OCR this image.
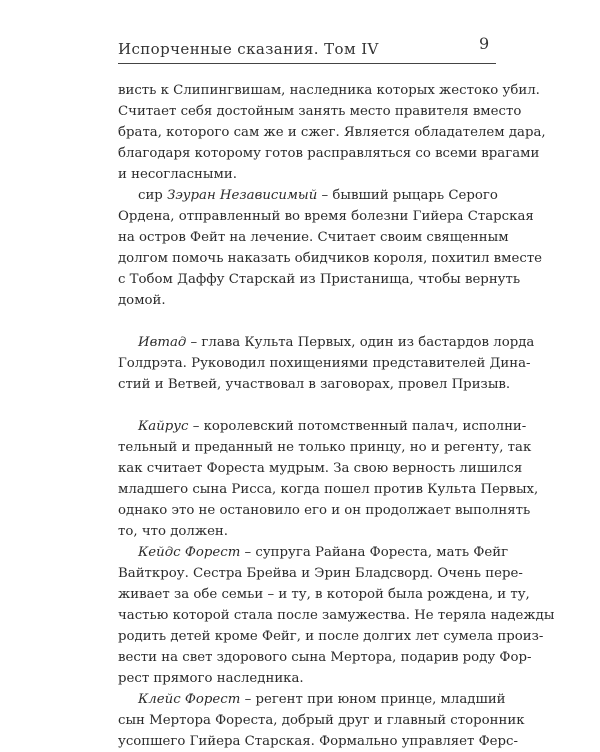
Испорченные сказания. Том IV	9
висть к Слипингвишам, наследника которых жестоко убил.
Считает себя достойным занять место правителя вместо
брата, которого сам же и сжег. Является обладателем дара,
благодаря которому готов расправляться со всеми врагами
и несогласными.
сир Зэуран Независимый – бывший рыцарь Серого
Ордена, отправленный во время болезни Гийера Старская
на остров Фейт на лечение. Считает своим священным
долгом помочь наказать обидчиков короля, похитил вместе
с Тобом Даффу Старскай из Пристанища, чтобы вернуть
домой.
Ивтад – глава Культа Первых, один из бастардов лорда
Голдрэта. Руководил похищениями представителей Дина-
стий и Ветвей, участвовал в заговорах, провел Призыв.
Кайрус – королевский потомственный палач, исполни-
тельный и преданный не только принцу, но и регенту, так
как считает Фореста мудрым. За свою верность лишился
младшего сына Рисса, когда пошел против Культа Первых,
однако это не остановило его и он продолжает выполнять
то, что должен.
Кейдс Форест – супруга Райана Фореста, мать Фейг
Вайткроу. Сестра Брейва и Эрин Бладсворд. Очень пере-
живает за обе семьи – и ту, в которой была рождена, и ту,
частью которой стала после замужества. Не теряла надежды
родить детей кроме Фейг, и после долгих лет сумела произ-
вести на свет здорового сына Мертора, подарив роду Фор-
рест прямого наследника.
Клейс Форест – регент при юном принце, младший
сын Мертора Фореста, добрый друг и главный сторонник
усопшего Гийера Старская. Формально управляет Ферс-
